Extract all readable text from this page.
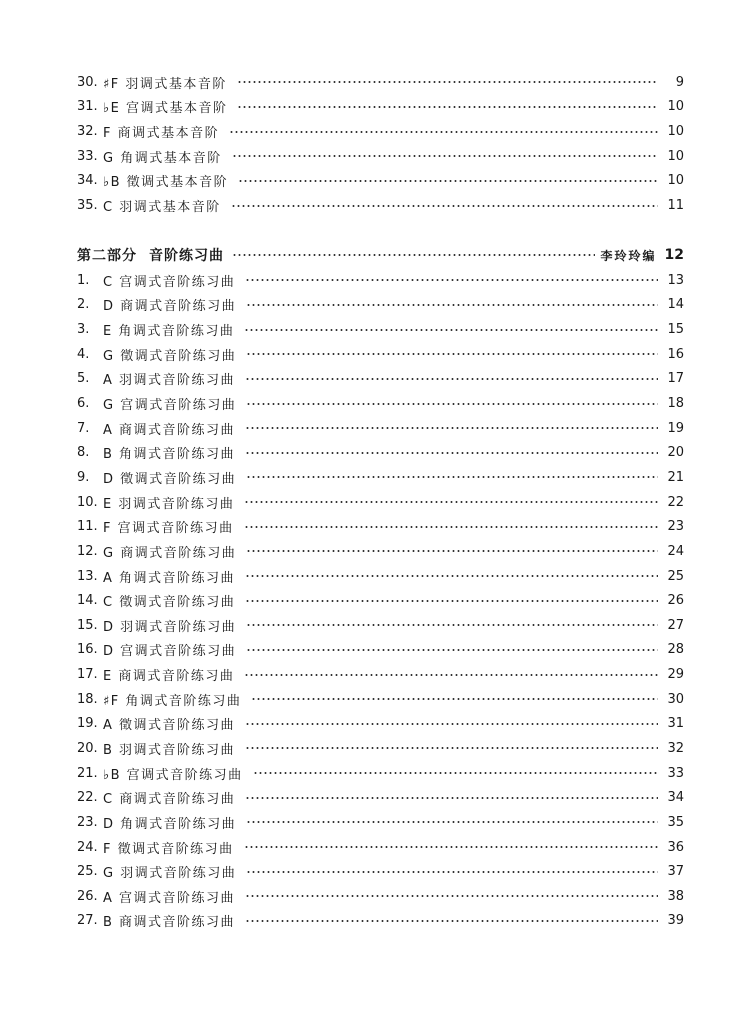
30. ♯F 羽调式基本音阶	9
31. ♭E 宫调式基本音阶	10
32. F 商调式基本音阶	10
33. G 角调式基本音阶	10
34. ♭B 徵调式基本音阶	10
35. C 羽调式基本音阶	11
第二部分 音阶练习曲	李玲玲编 12
1.	C 宫调式音阶练习曲	13
2.	D 商调式音阶练习曲	14
3.	E 角调式音阶练习曲	15
4.	G 徵调式音阶练习曲	16
5.	A 羽调式音阶练习曲	17
6.	G 宫调式音阶练习曲	18
7.	A 商调式音阶练习曲	19
8.	B 角调式音阶练习曲	20
9.	D 徵调式音阶练习曲	21
10. E 羽调式音阶练习曲	22
11. F 宫调式音阶练习曲	23
12. G 商调式音阶练习曲	24
13. A 角调式音阶练习曲	25
14. C 徵调式音阶练习曲	26
15. D 羽调式音阶练习曲	27
16. D 宫调式音阶练习曲	28
17. E 商调式音阶练习曲	29
18. ♯F 角调式音阶练习曲	30
19. A 徵调式音阶练习曲	31
20. B 羽调式音阶练习曲	32
21. ♭B 宫调式音阶练习曲	33
22. C 商调式音阶练习曲	34
23. D 角调式音阶练习曲	35
24. F 徵调式音阶练习曲	36
25. G 羽调式音阶练习曲	37
26. A 宫调式音阶练习曲	38
27. B 商调式音阶练习曲	39
